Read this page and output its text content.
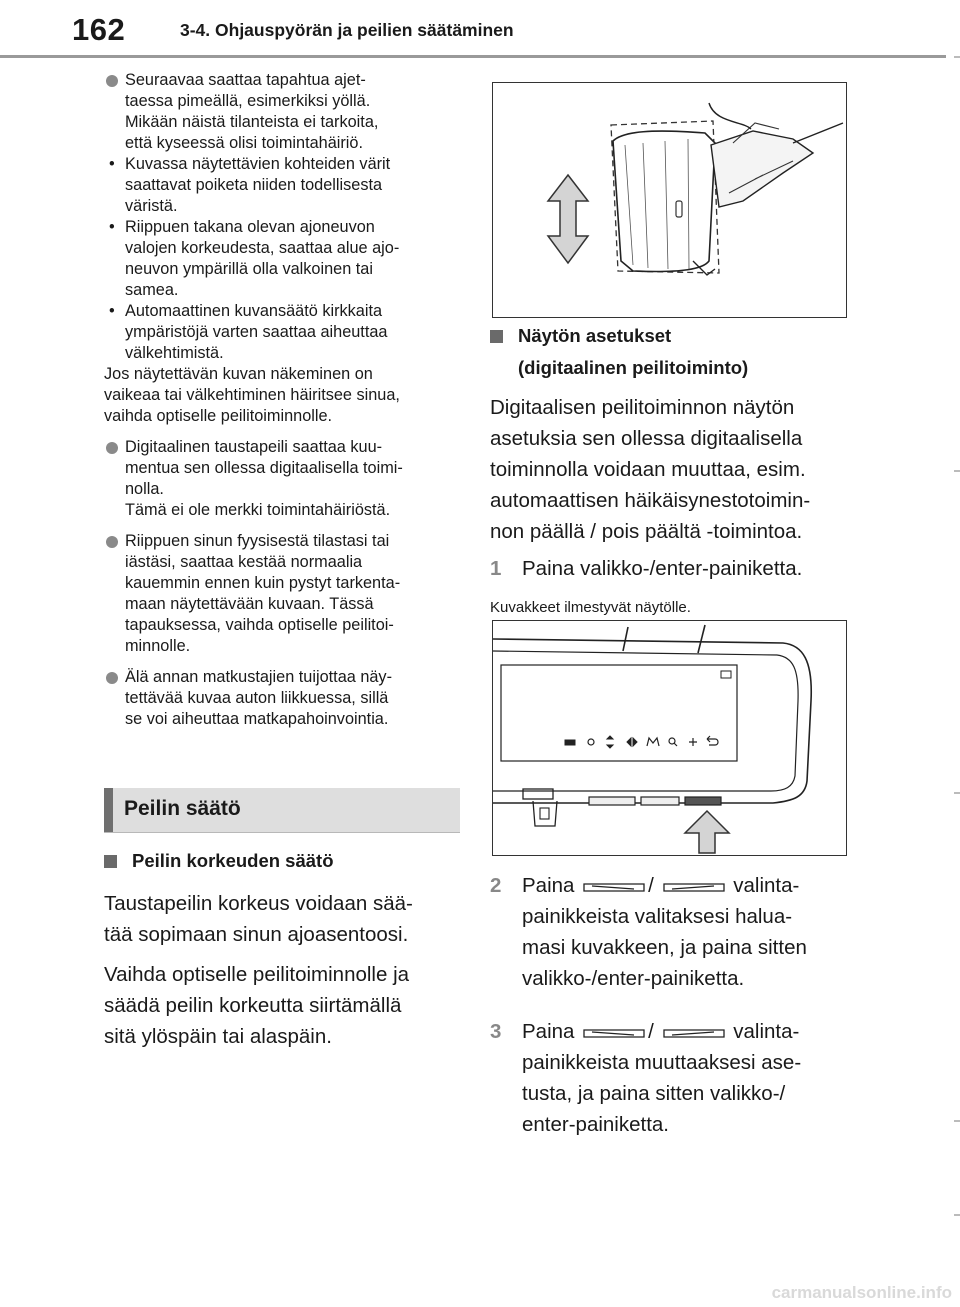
162	3-4. Ohjauspyörän ja peilien säätäminen
Seuraavaa saattaa tapahtua ajet-
taessa pimeällä, esimerkiksi yöllä.
Mikään näistä tilanteista ei tarkoita,
että kyseessä olisi toimintahäiriö.
• Kuvassa näytettävien kohteiden värit
saattavat poiketa niiden todellisesta
väristä.
• Riippuen takana olevan ajoneuvon
valojen korkeudesta, saattaa alue ajo-
neuvon ympärillä olla valkoinen tai
samea.
• Automaattinen kuvansäätö kirkkaita
ympäristöjä varten saattaa aiheuttaa
välkehtimistä.
Jos näytettävän kuvan näkeminen on
vaikeaa tai välkehtiminen häiritsee sinua,
vaihda optiselle peilitoiminnolle.
Digitaalinen taustapeili saattaa kuu-
mentua sen ollessa digitaalisella toimi-
nolla.
Tämä ei ole merkki toimintahäiriöstä.
Riippuen sinun fyysisestä tilastasi tai
iästäsi, saattaa kestää normaalia
kauemmin ennen kuin pystyt tarkenta-
maan näytettävään kuvaan. Tässä
tapauksessa, vaihda optiselle peilitoi-
minnolle.
Älä annan matkustajien tuijottaa näy-
tettävää kuvaa auton liikkuessa, sillä
se voi aiheuttaa matkapahoinvointia.
Peilin säätö
Peilin korkeuden säätö
Taustapeilin korkeus voidaan sää-
tää sopimaan sinun ajoasentoosi.
Vaihda optiselle peilitoiminnolle ja
säädä peilin korkeutta siirtämällä
sitä ylöspäin tai alaspäin.
Näytön asetukset
(digitaalinen peilitoiminto)
Digitaalisen peilitoiminnon näytön
asetuksia sen ollessa digitaalisella
toiminnolla voidaan muuttaa, esim.
automaattisen häikäisynestotoimin-
non päällä / pois päältä -toimintoa.
1 Paina valikko-/enter-painiketta.
Kuvakkeet ilmestyvät näytölle.
2 Paina	/	valinta-
painikkeista valitaksesi halua-
masi kuvakkeen, ja paina sitten
valikko-/enter-painiketta.
3 Paina	/	valinta-
painikkeista muuttaaksesi ase-
tusta, ja paina sitten valikko-/
enter-painiketta.
carmanualsonline.info
